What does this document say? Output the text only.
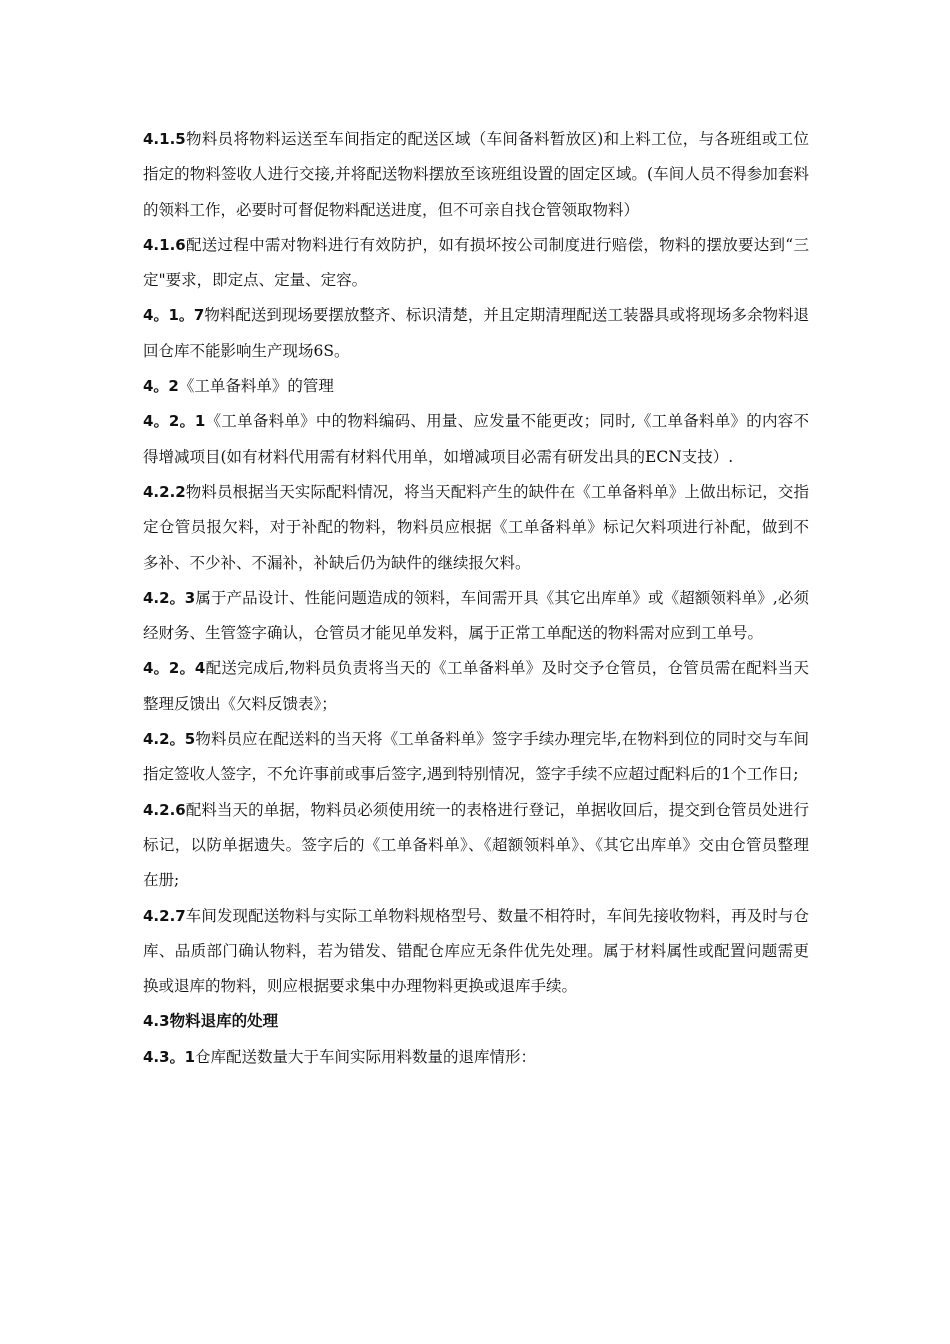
4.1.5物料员将物料运送至车间指定的配送区域（车间备料暂放区)和上料工位，与各班组或工位指定的物料签收人进行交接,并将配送物料摆放至该班组设置的固定区域。(车间人员不得参加套料的领料工作，必要时可督促物料配送进度，但不可亲自找仓管领取物料）

4.1.6配送过程中需对物料进行有效防护，如有损坏按公司制度进行赔偿，物料的摆放要达到“三定"要求，即定点、定量、定容。

4。1。7物料配送到现场要摆放整齐、标识清楚，并且定期清理配送工装器具或将现场多余物料退回仓库不能影响生产现场6S。

4。2《工单备料单》的管理

4。2。1《工单备料单》中的物料编码、用量、应发量不能更改；同时,《工单备料单》的内容不得增减项目(如有材料代用需有材料代用单，如增减项目必需有研发出具的ECN支技）.

4.2.2物料员根据当天实际配料情况，将当天配料产生的缺件在《工单备料单》上做出标记，交指定仓管员报欠料，对于补配的物料，物料员应根据《工单备料单》标记欠料项进行补配，做到不多补、不少补、不漏补，补缺后仍为缺件的继续报欠料。

4.2。3属于产品设计、性能问题造成的领料，车间需开具《其它出库单》或《超额领料单》,必须经财务、生管签字确认，仓管员才能见单发料，属于正常工单配送的物料需对应到工单号。

4。2。4配送完成后,物料员负责将当天的《工单备料单》及时交予仓管员，仓管员需在配料当天整理反馈出《欠料反馈表》；

4.2。5物料员应在配送料的当天将《工单备料单》签字手续办理完毕,在物料到位的同时交与车间指定签收人签字，不允许事前或事后签字,遇到特别情况，签字手续不应超过配料后的1个工作日;

4.2.6配料当天的单据，物料员必须使用统一的表格进行登记，单据收回后，提交到仓管员处进行标记，以防单据遗失。签字后的《工单备料单》、《超额领料单》、《其它出库单》交由仓管员整理在册;

4.2.7车间发现配送物料与实际工单物料规格型号、数量不相符时，车间先接收物料，再及时与仓库、品质部门确认物料，若为错发、错配仓库应无条件优先处理。属于材料属性或配置问题需更换或退库的物料，则应根据要求集中办理物料更换或退库手续。

4.3物料退库的处理

4.3。1仓库配送数量大于车间实际用料数量的退库情形：
